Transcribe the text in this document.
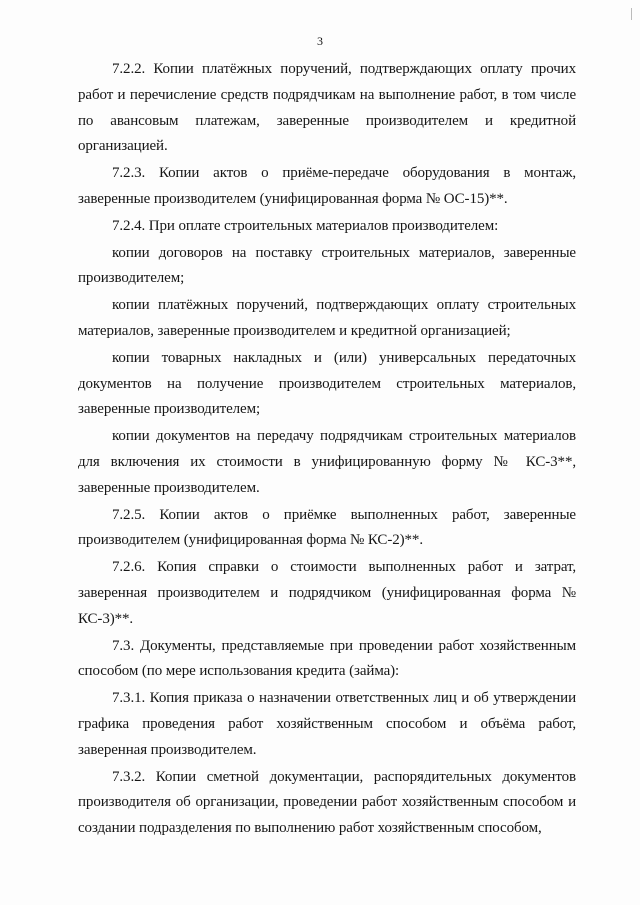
3

7.2.2. Копии платёжных поручений, подтверждающих оплату прочих работ и перечисление средств подрядчикам на выполнение работ, в том числе по авансовым платежам, заверенные производителем и кредитной организацией.

7.2.3. Копии актов о приёме-передаче оборудования в монтаж, заверенные производителем (унифицированная форма № ОС-15)**.

7.2.4. При оплате строительных материалов производителем:

копии договоров на поставку строительных материалов, заверенные производителем;

копии платёжных поручений, подтверждающих оплату строительных материалов, заверенные производителем и кредитной организацией;

копии товарных накладных и (или) универсальных передаточных документов на получение производителем строительных материалов, заверенные производителем;

копии документов на передачу подрядчикам строительных материалов для включения их стоимости в унифицированную форму № КС-3**, заверенные производителем.

7.2.5. Копии актов о приёмке выполненных работ, заверенные производителем (унифицированная форма № КС-2)**.

7.2.6. Копия справки о стоимости выполненных работ и затрат, заверенная производителем и подрядчиком (унифицированная форма № КС-3)**.

7.3. Документы, представляемые при проведении работ хозяйственным способом (по мере использования кредита (займа):

7.3.1. Копия приказа о назначении ответственных лиц и об утверждении графика проведения работ хозяйственным способом и объёма работ, заверенная производителем.

7.3.2. Копии сметной документации, распорядительных документов производителя об организации, проведении работ хозяйственным способом и создании подразделения по выполнению работ хозяйственным способом,
